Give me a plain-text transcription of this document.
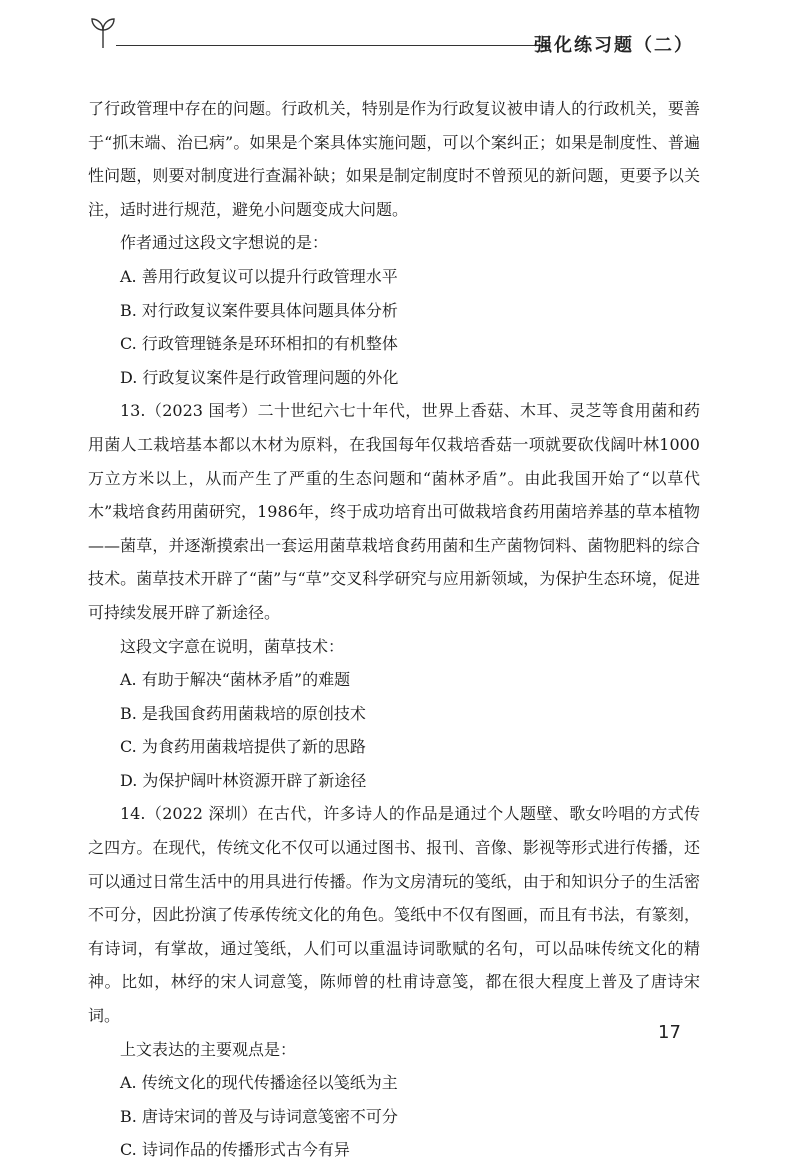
强化练习题（二）

了行政管理中存在的问题。行政机关，特别是作为行政复议被申请人的行政机关，要善于“抓末端、治已病”。如果是个案具体实施问题，可以个案纠正；如果是制度性、普遍性问题，则要对制度进行查漏补缺；如果是制定制度时不曾预见的新问题，更要予以关注，适时进行规范，避免小问题变成大问题。

作者通过这段文字想说的是：

A. 善用行政复议可以提升行政管理水平

B. 对行政复议案件要具体问题具体分析

C. 行政管理链条是环环相扣的有机整体

D. 行政复议案件是行政管理问题的外化

13.（2023 国考）二十世纪六七十年代，世界上香菇、木耳、灵芝等食用菌和药用菌人工栽培基本都以木材为原料，在我国每年仅栽培香菇一项就要砍伐阔叶林1000万立方米以上，从而产生了严重的生态问题和“菌林矛盾”。由此我国开始了“以草代木”栽培食药用菌研究，1986年，终于成功培育出可做栽培食药用菌培养基的草本植物——菌草，并逐渐摸索出一套运用菌草栽培食药用菌和生产菌物饲料、菌物肥料的综合技术。菌草技术开辟了“菌”与“草”交叉科学研究与应用新领域，为保护生态环境，促进可持续发展开辟了新途径。

这段文字意在说明，菌草技术：

A. 有助于解决“菌林矛盾”的难题

B. 是我国食药用菌栽培的原创技术

C. 为食药用菌栽培提供了新的思路

D. 为保护阔叶林资源开辟了新途径

14.（2022 深圳）在古代，许多诗人的作品是通过个人题壁、歌女吟唱的方式传之四方。在现代，传统文化不仅可以通过图书、报刊、音像、影视等形式进行传播，还可以通过日常生活中的用具进行传播。作为文房清玩的笺纸，由于和知识分子的生活密不可分，因此扮演了传承传统文化的角色。笺纸中不仅有图画，而且有书法，有篆刻，有诗词，有掌故，通过笺纸，人们可以重温诗词歌赋的名句，可以品味传统文化的精神。比如，林纾的宋人词意笺，陈师曾的杜甫诗意笺，都在很大程度上普及了唐诗宋词。

上文表达的主要观点是：

A. 传统文化的现代传播途径以笺纸为主

B. 唐诗宋词的普及与诗词意笺密不可分

C. 诗词作品的传播形式古今有异

17
